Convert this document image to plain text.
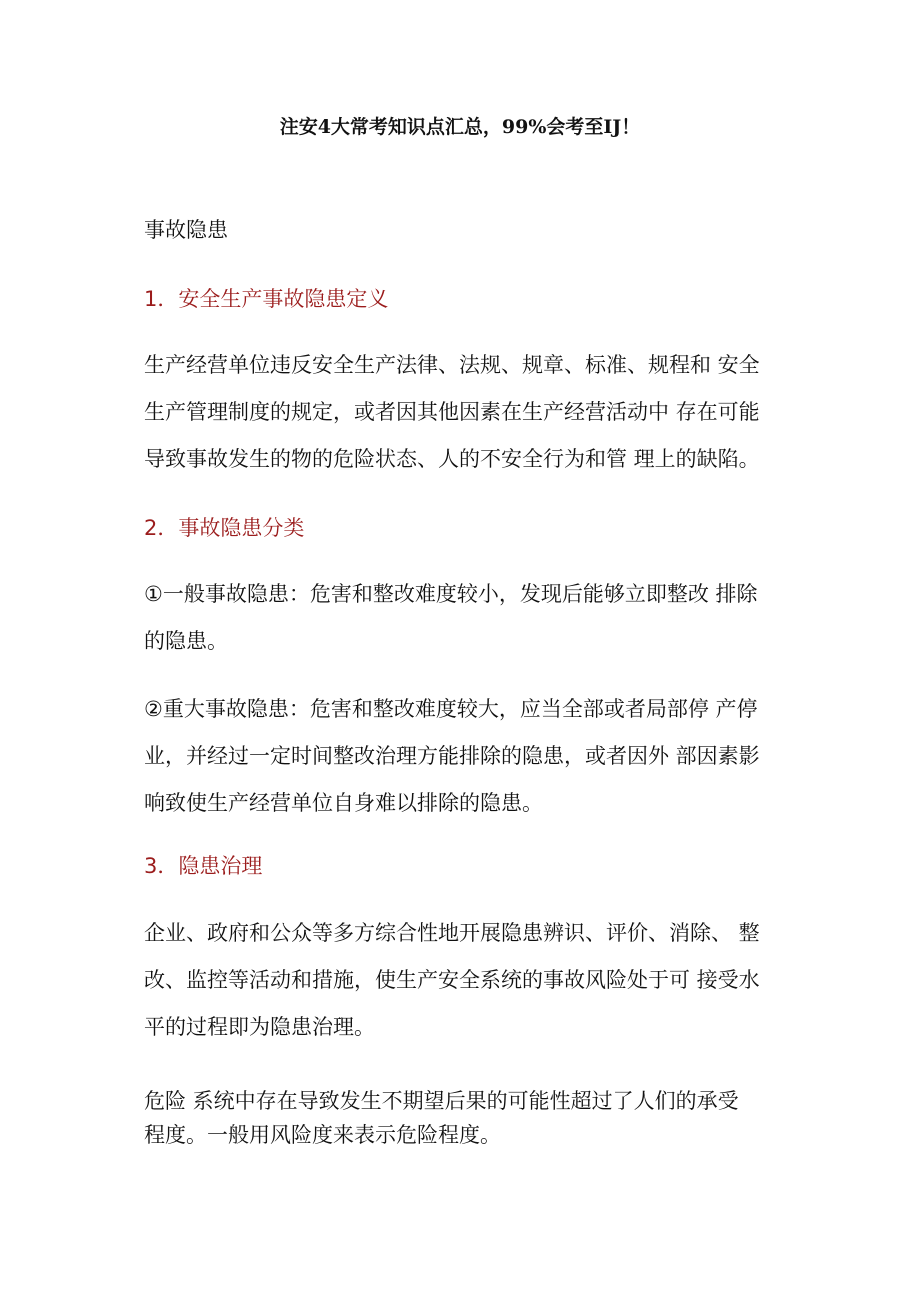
注安4大常考知识点汇总，99%会考至IJ！
事故隐患
1．安全生产事故隐患定义
生产经营单位违反安全生产法律、法规、规章、标准、规程和 安全
生产管理制度的规定，或者因其他因素在生产经营活动中 存在可能
导致事故发生的物的危险状态、人的不安全行为和管 理上的缺陷。
2．事故隐患分类
①一般事故隐患：危害和整改难度较小，发现后能够立即整改 排除
的隐患。
②重大事故隐患：危害和整改难度较大，应当全部或者局部停 产停
业，并经过一定时间整改治理方能排除的隐患，或者因外 部因素影
响致使生产经营单位自身难以排除的隐患。
3．隐患治理
企业、政府和公众等多方综合性地开展隐患辨识、评价、消除、 整
改、监控等活动和措施，使生产安全系统的事故风险处于可 接受水
平的过程即为隐患治理。
危险 系统中存在导致发生不期望后果的可能性超过了人们的承受
程度。一般用风险度来表示危险程度。
